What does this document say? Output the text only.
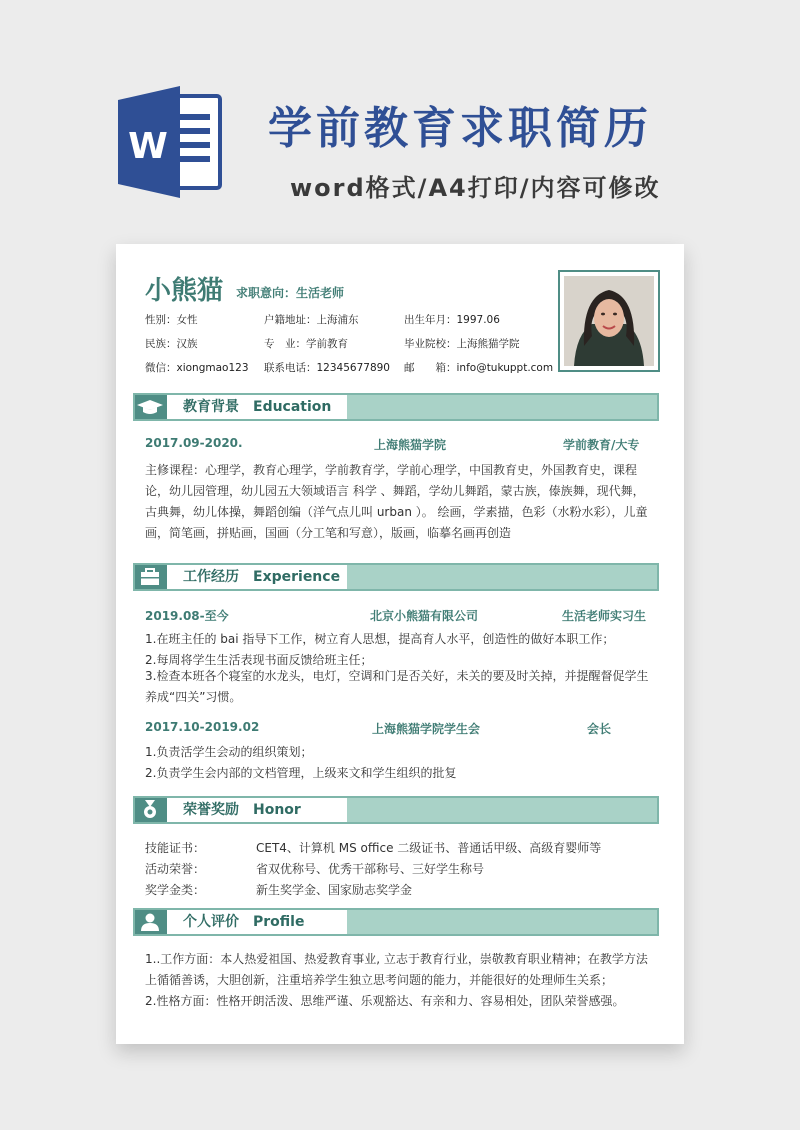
W 学前教育求职简历
word格式/A4打印/内容可修改
小熊猫 求职意向：生活老师
性别：女性	户籍地址：上海浦东	出生年月：1997.06
民族：汉族	专　业：学前教育	毕业院校：上海熊猫学院
微信：xiongmao123 联系电话：12345677890 邮　　箱：info@tukuppt.com
教育背景　Education
2017.09-2020.	上海熊猫学院	学前教育/大专
主修课程：心理学，教育心理学，学前教育学，学前心理学，中国教育史，外国教育史，课程论，幼儿园管理，幼儿园五大领域语言 科学 、舞蹈，学幼儿舞蹈，蒙古族，傣族舞，现代舞，古典舞，幼儿体操，舞蹈创编（洋气点儿叫 urban ）。 绘画，学素描，色彩（水粉水彩），儿童画，简笔画，拼贴画，国画（分工笔和写意），版画，临摹名画再创造
工作经历　Experience
2019.08-至今	北京小熊猫有限公司	生活老师实习生
1.在班主任的 bai 指导下工作，树立育人思想，提高育人水平，创造性的做好本职工作；
2.每周将学生生活表现书面反馈给班主任；
3.检查本班各个寝室的水龙头，电灯，空调和门是否关好，未关的要及时关掉，并提醒督促学生养成“四关”习惯。
2017.10-2019.02	上海熊猫学院学生会	会长
1.负责活学生会动的组织策划；
2.负责学生会内部的文档管理，上级来文和学生组织的批复
荣誉奖励　Honor
技能证书：	CET4、计算机 MS office 二级证书、普通话甲级、高级育婴师等
活动荣誉：	省双优称号、优秀干部称号、三好学生称号
奖学金类：	新生奖学金、国家励志奖学金
个人评价　Profile
1..工作方面：本人热爱祖国、热爱教育事业, 立志于教育行业，崇敬教育职业精神；在教学方法上循循善诱，大胆创新，注重培养学生独立思考问题的能力，并能很好的处理师生关系；
2.性格方面：性格开朗活泼、思维严谨、乐观豁达、有亲和力、容易相处，团队荣誉感强。
